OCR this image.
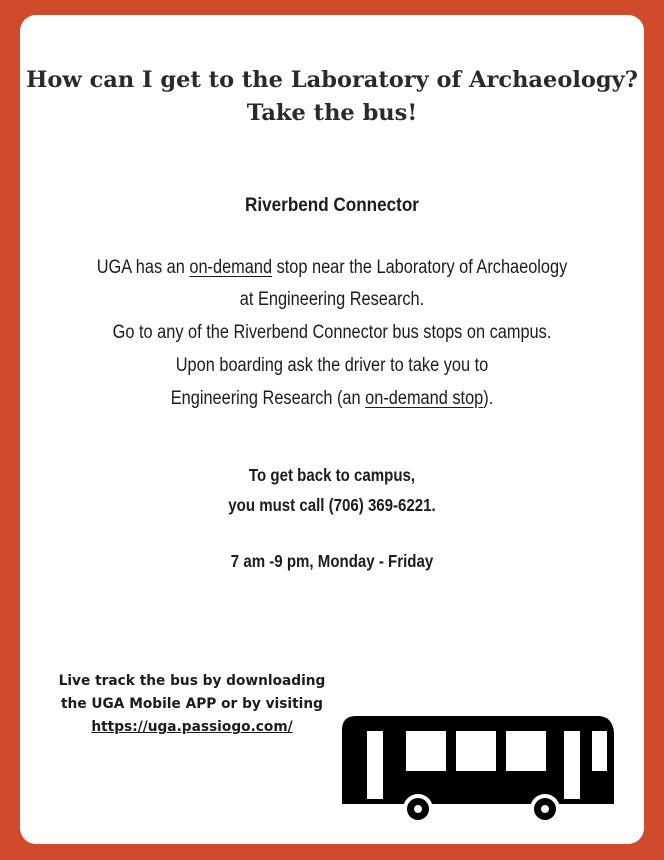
How can I get to the Laboratory of Archaeology?

Take the bus!

Riverbend Connector

UGA has an on-demand stop near the Laboratory of Archaeology

at Engineering Research.

Go to any of the Riverbend Connector bus stops on campus.

Upon boarding ask the driver to take you to

Engineering Research (an on-demand stop).

To get back to campus,

you must call (706) 369-6221.

7 am -9 pm, Monday - Friday

Live track the bus by downloading

the UGA Mobile APP or by visiting

https://uga.passiogo.com/
